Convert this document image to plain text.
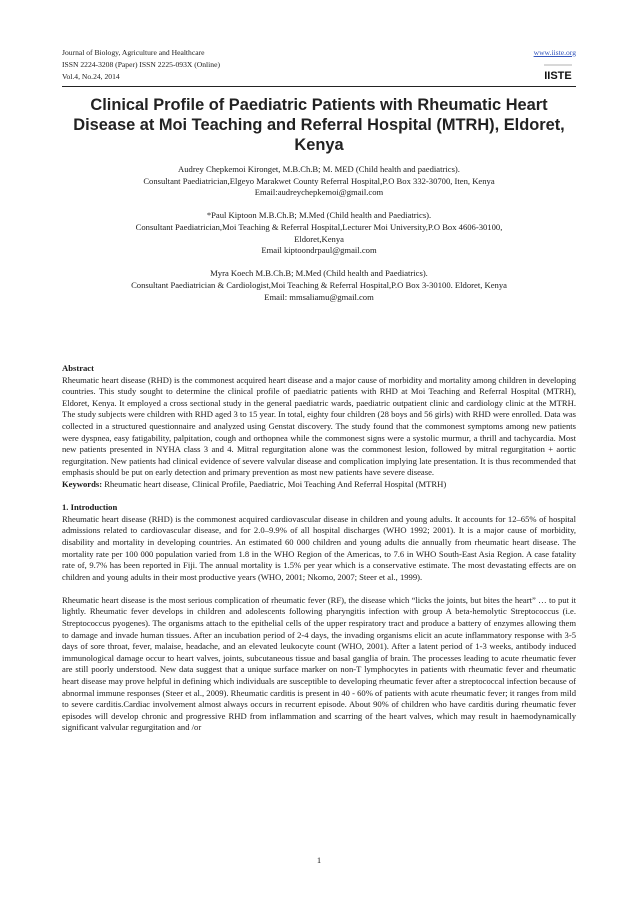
Journal of Biology, Agriculture and Healthcare
ISSN 2224-3208 (Paper) ISSN 2225-093X (Online)
Vol.4, No.24, 2014
www.iiste.org
IISTE
Clinical Profile of Paediatric Patients with Rheumatic Heart Disease at Moi Teaching and Referral Hospital (MTRH), Eldoret, Kenya
Audrey Chepkemoi Kironget, M.B.Ch.B; M. MED (Child health and paediatrics).
Consultant Paediatrician,Elgeyo Marakwet County Referral Hospital,P.O Box 332-30700, Iten, Kenya
Email:audreychepkemoi@gmail.com
*Paul Kiptoon M.B.Ch.B; M.Med (Child health and Paediatrics).
Consultant Paediatrician,Moi Teaching & Referral Hospital,Lecturer Moi University,P.O Box 4606-30100,
Eldoret,Kenya
Email kiptoondrpaul@gmail.com
Myra Koech M.B.Ch.B; M.Med (Child health and Paediatrics).
Consultant Paediatrician & Cardiologist,Moi Teaching & Referral Hospital,P.O Box 3-30100. Eldoret, Kenya
Email: mmsaliamu@gmail.com

Abstract

Rheumatic heart disease (RHD) is the commonest acquired heart disease and a major cause of morbidity and mortality among children in developing countries. This study sought to determine the clinical profile of paediatric patients with RHD at Moi Teaching and Referral Hospital (MTRH), Eldoret, Kenya. It employed a cross sectional study in the general paediatric wards, paediatric outpatient clinic and cardiology clinic at the MTRH. The study subjects were children with RHD aged 3 to 15 year. In total, eighty four children (28 boys and 56 girls) with RHD were enrolled. Data was collected in a structured questionnaire and analyzed using Genstat discovery. The study found that the commonest symptoms among new patients were dyspnea, easy fatigability, palpitation, cough and orthopnea while the commonest signs were a systolic murmur, a thrill and tachycardia. Most new patients presented in NYHA class 3 and 4. Mitral regurgitation alone was the commonest lesion, followed by mitral regurgitation + aortic regurgitation. New patients had clinical evidence of severe valvular disease and complication implying late presentation. It is thus recommended that emphasis should be put on early detection and primary prevention as most new patients have severe disease.

Keywords: Rheumatic heart disease, Clinical Profile, Paediatric, Moi Teaching And Referral Hospital (MTRH)

1. Introduction

Rheumatic heart disease (RHD) is the commonest acquired cardiovascular disease in children and young adults. It accounts for 12–65% of hospital admissions related to cardiovascular disease, and for 2.0–9.9% of all hospital discharges (WHO 1992; 2001). It is a major cause of morbidity, disability and mortality in developing countries. An estimated 60 000 children and young adults die annually from rheumatic heart disease. The mortality rate per 100 000 population varied from 1.8 in the WHO Region of the Americas, to 7.6 in WHO South-East Asia Region. A case fatality rate of, 9.7% has been reported in Fiji. The annual mortality is 1.5% per year which is a conservative estimate. The most devastating effects are on children and young adults in their most productive years (WHO, 2001; Nkomo, 2007; Steer et al., 1999).

Rheumatic heart disease is the most serious complication of rheumatic fever (RF), the disease which “licks the joints, but bites the heart” … to put it lightly. Rheumatic fever develops in children and adolescents following pharyngitis infection with group A beta-hemolytic Streptococcus (i.e. Streptococcus pyogenes). The organisms attach to the epithelial cells of the upper respiratory tract and produce a battery of enzymes allowing them to damage and invade human tissues. After an incubation period of 2-4 days, the invading organisms elicit an acute inflammatory response with 3-5 days of sore throat, fever, malaise, headache, and an elevated leukocyte count (WHO, 2001). After a latent period of 1-3 weeks, antibody induced immunological damage occur to heart valves, joints, subcutaneous tissue and basal ganglia of brain. The processes leading to acute rheumatic fever are still poorly understood. New data suggest that a unique surface marker on non-T lymphocytes in patients with rheumatic fever and rheumatic heart disease may prove helpful in defining which individuals are susceptible to developing rheumatic fever after a streptococcal infection because of abnormal immune responses (Steer et al., 2009). Rheumatic carditis is present in 40 - 60% of patients with acute rheumatic fever; it ranges from mild to severe carditis.Cardiac involvement almost always occurs in recurrent episode. About 90% of children who have carditis during rheumatic fever episodes will develop chronic and progressive RHD from inflammation and scarring of the heart valves, which may result in haemodynamically significant valvular regurgitation and /or

1
